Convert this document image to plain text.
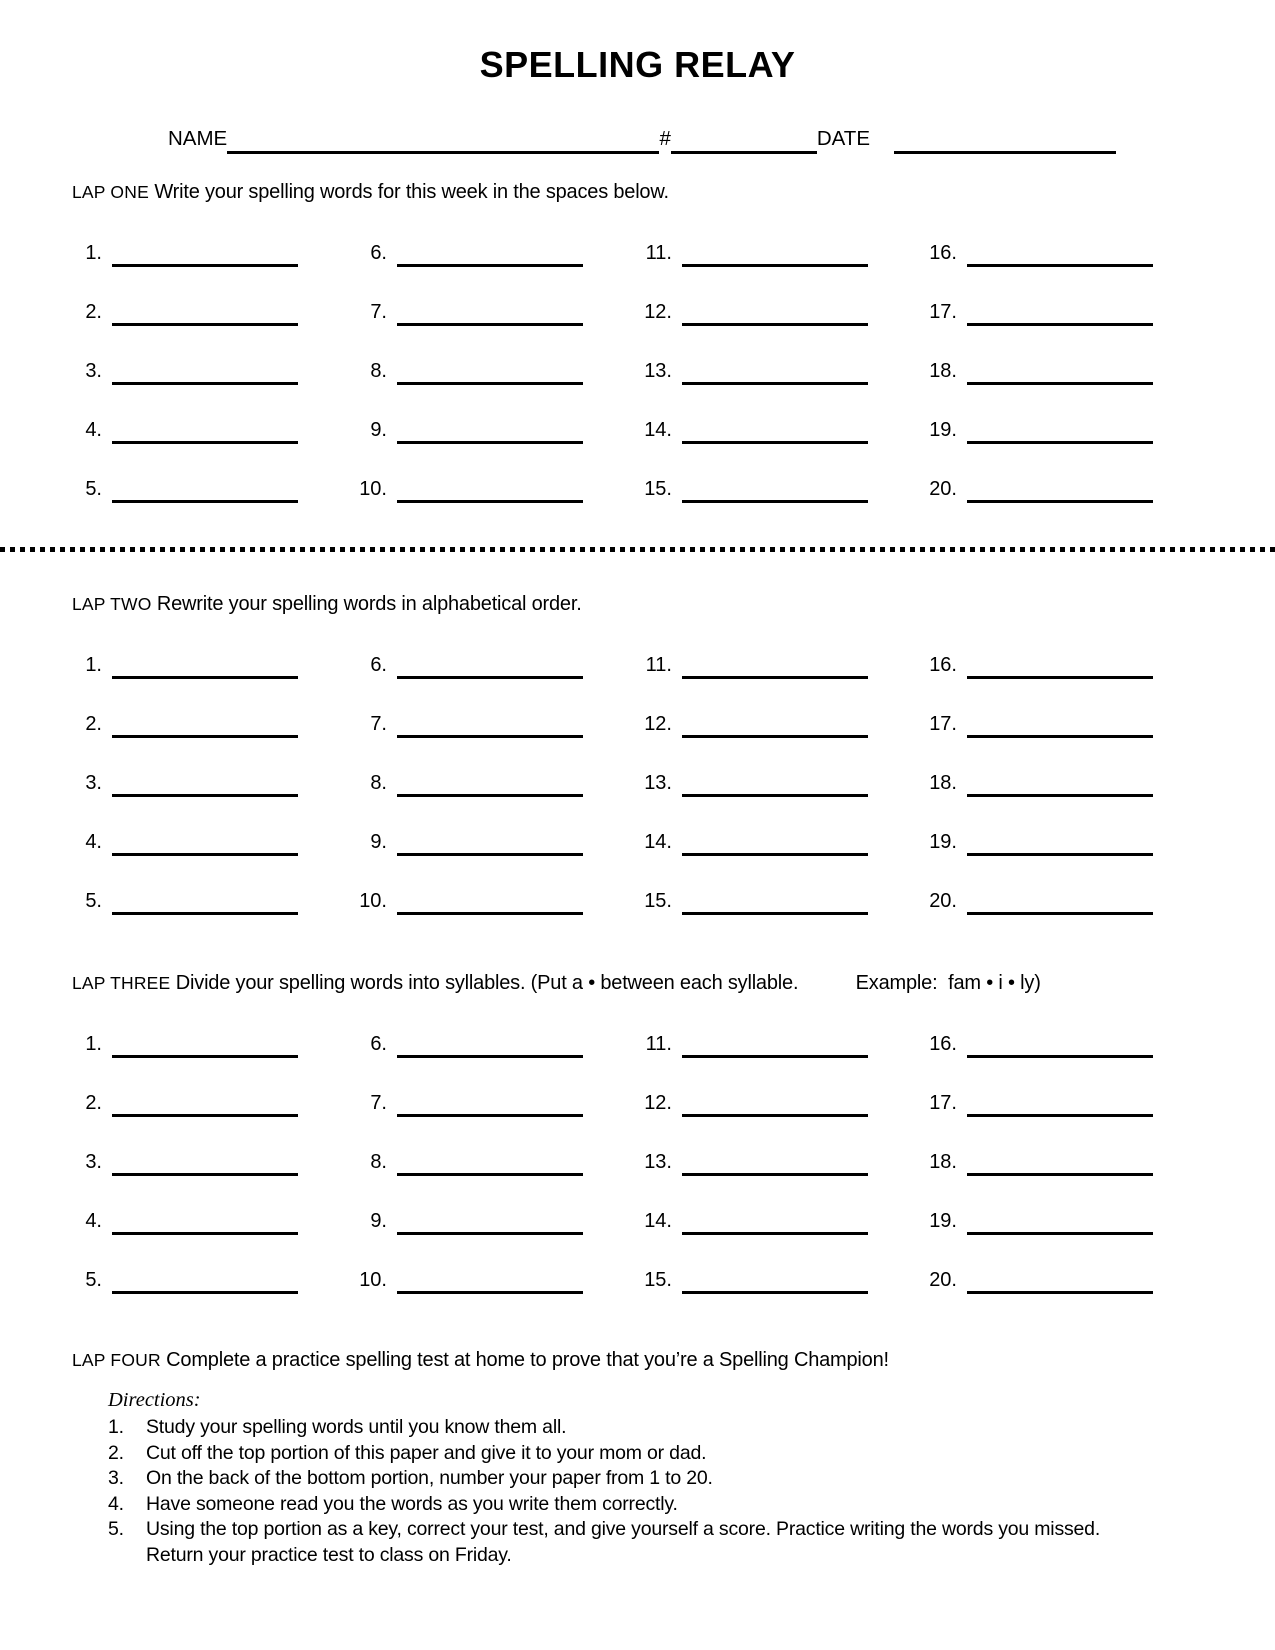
SPELLING RELAY
NAME	#	DATE
LAP ONE Write your spelling words for this week in the spaces below.
1.	6.	11.	16.
2.	7.	12.	17.
3.	8.	13.	18.
4.	9.	14.	19.
5.	10.	15.	20.
LAP TWO Rewrite your spelling words in alphabetical order.
1.	6.	11.	16.
2.	7.	12.	17.
3.	8.	13.	18.
4.	9.	14.	19.
5.	10.	15.	20.
LAP THREE Divide your spelling words into syllables. (Put a • between each syllable.	Example:  fam • i • ly)
1.	6.	11.	16.
2.	7.	12.	17.
3.	8.	13.	18.
4.	9.	14.	19.
5.	10.	15.	20.
LAP FOUR Complete a practice spelling test at home to prove that you’re a Spelling Champion!
Directions:
1.	Study your spelling words until you know them all.
2.	Cut off the top portion of this paper and give it to your mom or dad.
3.	On the back of the bottom portion, number your paper from 1 to 20.
4.	Have someone read you the words as you write them correctly.
5.	Using the top portion as a key, correct your test, and give yourself a score. Practice writing the words you missed. Return your practice test to class on Friday.
